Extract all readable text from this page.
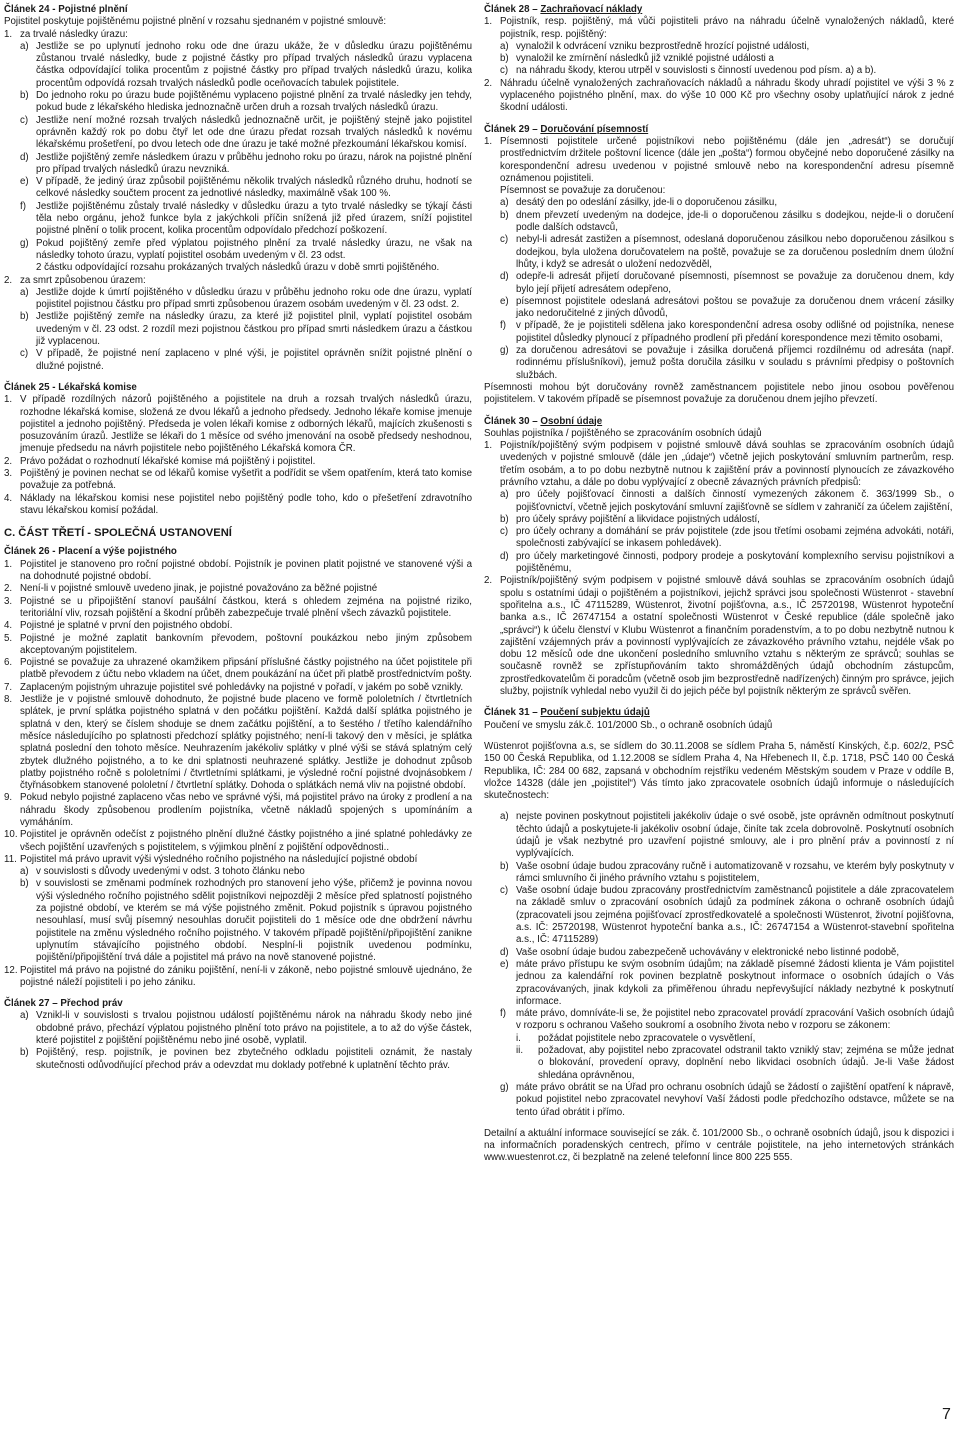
Článek 24 - Pojistné plnění
Pojistitel poskytuje pojištěnému pojistné plnění v rozsahu sjednaném v pojistné smlouvě:
1. za trvalé následky úrazu:
a) Jestliže se po uplynutí jednoho roku ode dne úrazu ukáže, že v důsledku úrazu pojištěnému zůstanou trvalé následky, bude z pojistné částky pro případ trvalých následků úrazu vyplacena částka odpovídající tolika procentům z pojistné částky pro případ trvalých následků úrazu, kolika procentům odpovídá rozsah trvalých následků podle oceňovacích tabulek pojistitele.
b) Do jednoho roku po úrazu bude pojištěnému vyplaceno pojistné plnění za trvalé následky jen tehdy, pokud bude z lékařského hlediska jednoznačně určen druh a rozsah trvalých následků úrazu.
c) Jestliže není možné rozsah trvalých následků jednoznačně určit, je pojištěný stejně jako pojistitel oprávněn každý rok po dobu čtyř let ode dne úrazu předat rozsah trvalých následků k novému lékařskému prošetření, po dvou letech ode dne úrazu je také možné přezkoumání lékařskou komisí.
d) Jestliže pojištěný zemře následkem úrazu v průběhu jednoho roku po úrazu, nárok na pojistné plnění pro případ trvalých následků úrazu nevzniká.
e) V případě, že jediný úraz způsobil pojištěnému několik trvalých následků různého druhu, hodnotí se celkové následky součtem procent za jednotlivé následky, maximálně však 100 %.
f)	Jestliže pojištěnému zůstaly trvalé následky v důsledku úrazu a tyto trvalé následky se týkají části těla nebo orgánu, jehož funkce byla z jakýchkoli příčin snížená již před úrazem, sníží pojistitel pojistné plnění o tolik procent, kolika procentům odpovídalo předchozí poškození.
g) Pokud pojištěný zemře před výplatou pojistného plnění za trvalé následky úrazu, ne však na následky tohoto úrazu, vyplatí pojistitel osobám uvedeným v čl. 23 odst.
2 částku odpovídající rozsahu prokázaných trvalých následků úrazu v době smrti pojištěného.
2. za smrt způsobenou úrazem:
a) Jestliže dojde k úmrtí pojištěného v důsledku úrazu v průběhu jednoho roku ode dne úrazu, vyplatí pojistitel pojistnou částku pro případ smrti způsobenou úrazem osobám uvedeným v čl. 23 odst. 2.
b) Jestliže pojištěný zemře na následky úrazu, za které již pojistitel plnil, vyplatí pojistitel osobám uvedeným v čl. 23 odst. 2 rozdíl mezi pojistnou částkou pro případ smrti následkem úrazu a částkou již vyplacenou.
c) V případě, že pojistné není zaplaceno v plné výši, je pojistitel oprávněn snížit pojistné plnění o dlužné pojistné.
Článek 25 - Lékařská komise
1. V případě rozdílných názorů pojištěného a pojistitele na druh a rozsah trvalých následků úrazu, rozhodne lékařská komise, složená ze dvou lékařů a jednoho předsedy. Jednoho lékaře komise jmenuje pojistitel a jednoho pojištěný. Předseda je volen lékaři komise z odborných lékařů, majících zkušenosti s posuzováním úrazů. Jestliže se lékaři do 1 měsíce od svého jmenování na osobě předsedy neshodnou, jmenuje předsedu na návrh pojistitele nebo pojištěného Lékařská komora ČR.
2. Právo požádat o rozhodnutí lékařské komise má pojištěný i pojistitel.
3. Pojištěný je povinen nechat se od lékařů komise vyšetřit a podřídit se všem opatřením, která tato komise považuje za potřebná.
4. Náklady na lékařskou komisi nese pojistitel nebo pojištěný podle toho, kdo o přešetření zdravotního stavu lékařskou komisí požádal.
C. ČÁST TŘETÍ - SPOLEČNÁ USTANOVENÍ
Článek 26 - Placení a výše pojistného
1. Pojistitel je stanoveno pro roční pojistné období. Pojistník je povinen platit pojistné ve stanovené výši a na dohodnuté pojistné období.
2. Není-li v pojistné smlouvě uvedeno jinak, je pojistné považováno za běžné pojistné
3. Pojistné se u připojištění stanoví paušální částkou, která s ohledem zejména na pojistné riziko, teritoriální vliv, rozsah pojištění a škodní průběh zabezpečuje trvalé plnění všech závazků pojistitele.
4. Pojistné je splatné v první den pojistného období.
5. Pojistné je možné zaplatit bankovním převodem, poštovní poukázkou nebo jiným způsobem akceptovaným pojistitelem.
6. Pojistné se považuje za uhrazené okamžikem připsání příslušné částky pojistného na účet pojistitele při platbě převodem z účtu nebo vkladem na účet, dnem poukázání na účet při platbě prostřednictvím pošty.
7. Zaplaceným pojistným uhrazuje pojistitel své pohledávky na pojistné v pořadí, v jakém po sobě vznikly.
8. Jestliže je v pojistné smlouvě dohodnuto, že pojistné bude placeno ve formě pololetních / čtvrtletních splátek, je první splátka pojistného splatná v den počátku pojištění. Každá další splátka pojistného je splatná v den, který se číslem shoduje se dnem začátku pojištění, a to šestého / třetího kalendářního měsíce následujícího po splatnosti předchozí splátky pojistného; není-li takový den v měsíci, je splátka splatná poslední den tohoto měsíce. Neuhrazením jakékoliv splátky v plné výši se stává splatným celý zbytek dlužného pojistného, a to ke dni splatnosti neuhrazené splátky. Jestliže je dohodnut způsob platby pojistného ročně s pololetními / čtvrtletními splátkami, je výsledné roční pojistné dvojnásobkem / čtyřnásobkem stanovené pololetní / čtvrtletní splátky. Dohoda o splátkách nemá vliv na pojistné období.
9. Pokud nebylo pojistné zaplaceno včas nebo ve správné výši, má pojistitel právo na úroky z prodlení a na náhradu škody způsobenou prodlením pojistníka, včetně nákladů spojených s upomínáním a vymáháním.
10. Pojistitel je oprávněn odečíst z pojistného plnění dlužné částky pojistného a jiné splatné pohledávky ze všech pojištění uzavřených s pojistitelem, s výjimkou plnění z pojištění odpovědnosti..
11. Pojistitel má právo upravit výši výsledného ročního pojistného na následující pojistné období
a) v souvislosti s důvody uvedenými v odst. 3 tohoto článku nebo
b) v souvislosti se změnami podmínek rozhodných pro stanovení jeho výše, přičemž je povinna novou výši výsledného ročního pojistného sdělit pojistníkovi nejpozději 2 měsíce před splatností pojistného za pojistné období, ve kterém se má výše pojistného změnit. Pokud pojistník s úpravou pojistného nesouhlasí, musí svůj písemný nesouhlas doručit pojistiteli do 1 měsíce ode dne obdržení návrhu pojistitele na změnu výsledného ročního pojistného. V takovém případě pojištění/připojištění zanikne uplynutím stávajícího pojistného období. Nesplní-li pojistník uvedenou podmínku, pojištění/připojištění trvá dále a pojistitel má právo na nově stanovené pojistné.
12. Pojistitel má právo na pojistné do zániku pojištění, není-li v zákoně, nebo pojistné smlouvě ujednáno, že pojistné náleží pojistiteli i po jeho zániku.
Článek 27 – Přechod práv
a) Vznikl-li v souvislosti s trvalou pojistnou událostí pojištěnému nárok na náhradu škody nebo jiné obdobné právo, přechází výplatou pojistného plnění toto právo na pojistitele, a to až do výše částek, které pojistitel z pojištění pojištěnému nebo jiné osobě, vyplatil.
b) Pojištěný, resp. pojistník, je povinen bez zbytečného odkladu pojistiteli oznámit, že nastaly skutečnosti odůvodňující přechod práv a odevzdat mu doklady potřebné k uplatnění těchto práv.
Článek 28 – Zachraňovací náklady
1. Pojistník, resp. pojištěný, má vůči pojistiteli právo na náhradu účelně vynaložených nákladů, které pojistník, resp. pojištěný:
a) vynaložil k odvrácení vzniku bezprostředně hrozící pojistné události,
b) vynaložil ke zmírnění následků již vzniklé pojistné události a
c) na náhradu škody, kterou utrpěl v souvislosti s činností uvedenou pod písm. a) a b).
2. Náhradu účelně vynaložených zachraňovacích nákladů a náhradu škody uhradí pojistitel ve výši 3 % z vyplaceného pojistného plnění, max. do výše 10 000 Kč pro všechny osoby uplatňující nárok z jedné škodní události.
Článek 29 – Doručování písemností
1. Písemnosti pojistitele určené pojistníkovi nebo pojištěnému (dále jen „adresát“) se doručují prostřednictvím držitele poštovní licence (dále jen „pošta“) formou obyčejné nebo doporučené zásilky na korespondenční adresu uvedenou v pojistné smlouvě nebo na korespondenční adresu písemně oznámenou pojistiteli.
Písemnost se považuje za doručenou:
a) desátý den po odeslání zásilky, jde-li o doporučenou zásilku,
b) dnem převzetí uvedeným na dodejce, jde-li o doporučenou zásilku s dodejkou, nejde-li o doručení podle dalších odstavců,
c) nebyl-li adresát zastižen a písemnost, odeslaná doporučenou zásilkou nebo doporučenou zásilkou s dodejkou, byla uložena doručovatelem na poště, považuje se za doručenou posledním dnem úložní lhůty, i když se adresát o uložení nedozvěděl,
d) odepře-li adresát přijetí doručované písemnosti, písemnost se považuje za doručenou dnem, kdy bylo její přijetí adresátem odepřeno,
e) písemnost pojistitele odeslaná adresátovi poštou se považuje za doručenou dnem vrácení zásilky jako nedoručitelné z jiných důvodů,
f)	v případě, že je pojistiteli sdělena jako korespondenční adresa osoby odlišné od pojistníka, nenese pojistitel důsledky plynoucí z případného prodlení při předání korespondence mezi těmito osobami,
g) za doručenou adresátovi se považuje i zásilka doručená příjemci rozdílnému od adresáta (např. rodinnému příslušníkovi), jemuž pošta doručila zásilku v souladu s právními předpisy o poštovních službách.
Písemnosti mohou být doručovány rovněž zaměstnancem pojistitele nebo jinou osobou pověřenou pojistitelem. V takovém případě se písemnost považuje za doručenou dnem jejího převzetí.
Článek 30 – Osobní údaje
Souhlas pojistníka / pojištěného se zpracováním osobních údajů
1. Pojistník/pojištěný svým podpisem v pojistné smlouvě dává souhlas se zpracováním osobních údajů uvedených v pojistné smlouvě (dále jen „údaje“) včetně jejich poskytování smluvním partnerům, resp. třetím osobám, a to po dobu nezbytně nutnou k zajištění práv a povinností plynoucích ze závazkového právního vztahu, a dále po dobu vyplývající z obecně závazných právních předpisů:
a) pro účely pojišťovací činnosti a dalších činností vymezených zákonem č. 363/1999 Sb., o pojišťovnictví, včetně jejich poskytování smluvní zajišťovně se sídlem v zahraničí za účelem zajištění,
b) pro účely správy pojištění a likvidace pojistných událostí,
c) pro účely ochrany a domáhání se práv pojistitele (zde jsou třetími osobami zejména advokáti, notáři, společnosti zabývající se inkasem pohledávek).
d) pro účely marketingové činnosti, podpory prodeje a poskytování komplexního servisu pojistníkovi a pojištěnému,
2. Pojistník/pojištěný svým podpisem v pojistné smlouvě dává souhlas se zpracováním osobních údajů spolu s ostatními údaji o pojištěném a pojistníkovi, jejichž správci jsou společnosti Wüstenrot - stavební spořitelna a.s., IČ 47115289, Wüstenrot, životní pojišťovna, a.s., IČ 25720198, Wüstenrot hypoteční banka a.s., IČ 26747154 a ostatní společnosti Wüstenrot v České republice (dále společně jako „správci“) k účelu členství v Klubu Wüstenrot a finančním poradenstvím, a to po dobu nezbytně nutnou k zajištění vzájemných práv a povinností vyplývajících ze závazkového právního vztahu, nejdéle však po dobu 12 měsíců ode dne ukončení posledního smluvního vztahu s některým ze správců; souhlas se současně rovněž se zpřístupňováním takto shromážděných údajů obchodním zástupcům, zprostředkovatelům či poradcům (včetně osob jim bezprostředně nadřízených) činným pro správce, jejich služby, pojistník vyhledal nebo využil či do jejich péče byl pojistník některým ze správců svěřen.
Článek 31 – Poučení subjektu údajů
Poučení ve smyslu zák.č. 101/2000 Sb., o ochraně osobních údajů
Wüstenrot pojišťovna a.s, se sídlem do 30.11.2008 se sídlem Praha 5, náměstí Kinských, č.p. 602/2, PSČ 150 00 Česká Republika, od 1.12.2008 se sídlem Praha 4, Na Hřebenech II, č.p. 1718, PSČ 140 00 Česká Republika, IČ: 284 00 682, zapsaná v obchodním rejstříku vedeném Městským soudem v Praze v oddíle B, vložce 14328 (dále jen „pojistitel“) Vás tímto jako zpracovatele osobních údajů informuje o následujících skutečnostech:
a) nejste povinen poskytnout pojistiteli jakékoliv údaje o své osobě, jste oprávněn odmítnout poskytnutí těchto údajů a poskytujete-li jakékoliv osobní údaje, činíte tak zcela dobrovolně. Poskytnutí osobních údajů je však nezbytné pro uzavření pojistné smlouvy, ale i pro plnění práv a povinností z ní vyplývajících.
b) Vaše osobní údaje budou zpracovány ručně i automatizovaně v rozsahu, ve kterém byly poskytnuty v rámci smluvního či jiného právního vztahu s pojistitelem,
c) Vaše osobní údaje budou zpracovány prostřednictvím zaměstnanců pojistitele a dále zpracovatelem na základě smluv o zpracování osobních údajů za podmínek zákona o ochraně osobních údajů (zpracovateli jsou zejména pojišťovací zprostředkovatelé a společnosti Wüstenrot, životní pojišťovna, a.s. IČ: 25720198, Wüstenrot hypoteční banka a.s., IČ: 26747154 a Wüstenrot-stavební spořitelna a.s., IČ: 47115289)
d) Vaše osobní údaje budou zabezpečeně uchovávány v elektronické nebo listinné podobě,
e) máte právo přístupu ke svým osobním údajům; na základě písemné žádosti klienta je Vám pojistitel jednou za kalendářní rok povinen bezplatně poskytnout informace o osobních údajích o Vás zpracovávaných, jinak kdykoli za přiměřenou úhradu nepřevyšující náklady nezbytné k poskytnutí informace.
f)	máte právo, domníváte-li se, že pojistitel nebo zpracovatel provádí zpracování Vašich osobních údajů v rozporu s ochranou Vašeho soukromí a osobního života nebo v rozporu se zákonem:
i.	požádat pojistitele nebo zpracovatele o vysvětlení,
ii.	požadovat, aby pojistitel nebo zpracovatel odstranil takto vzniklý stav; zejména se může jednat o blokování, provedení opravy, doplnění nebo likvidaci osobních údajů. Je-li Vaše žádost shledána oprávněnou,
g) máte právo obrátit se na Úřad pro ochranu osobních údajů se žádostí o zajištění opatření k nápravě, pokud pojistitel nebo zpracovatel nevyhoví Vaší žádosti podle předchozího odstavce, můžete se na tento úřad obrátit i přímo.
Detailní a aktuální informace související se zák. č. 101/2000 Sb., o ochraně osobních údajů, jsou k dispozici i na informačních poradenských centrech, přímo v centrále pojistitele, na jeho internetových stránkách www.wuestenrot.cz, či bezplatně na zelené telefonní lince 800 225 555.
7
